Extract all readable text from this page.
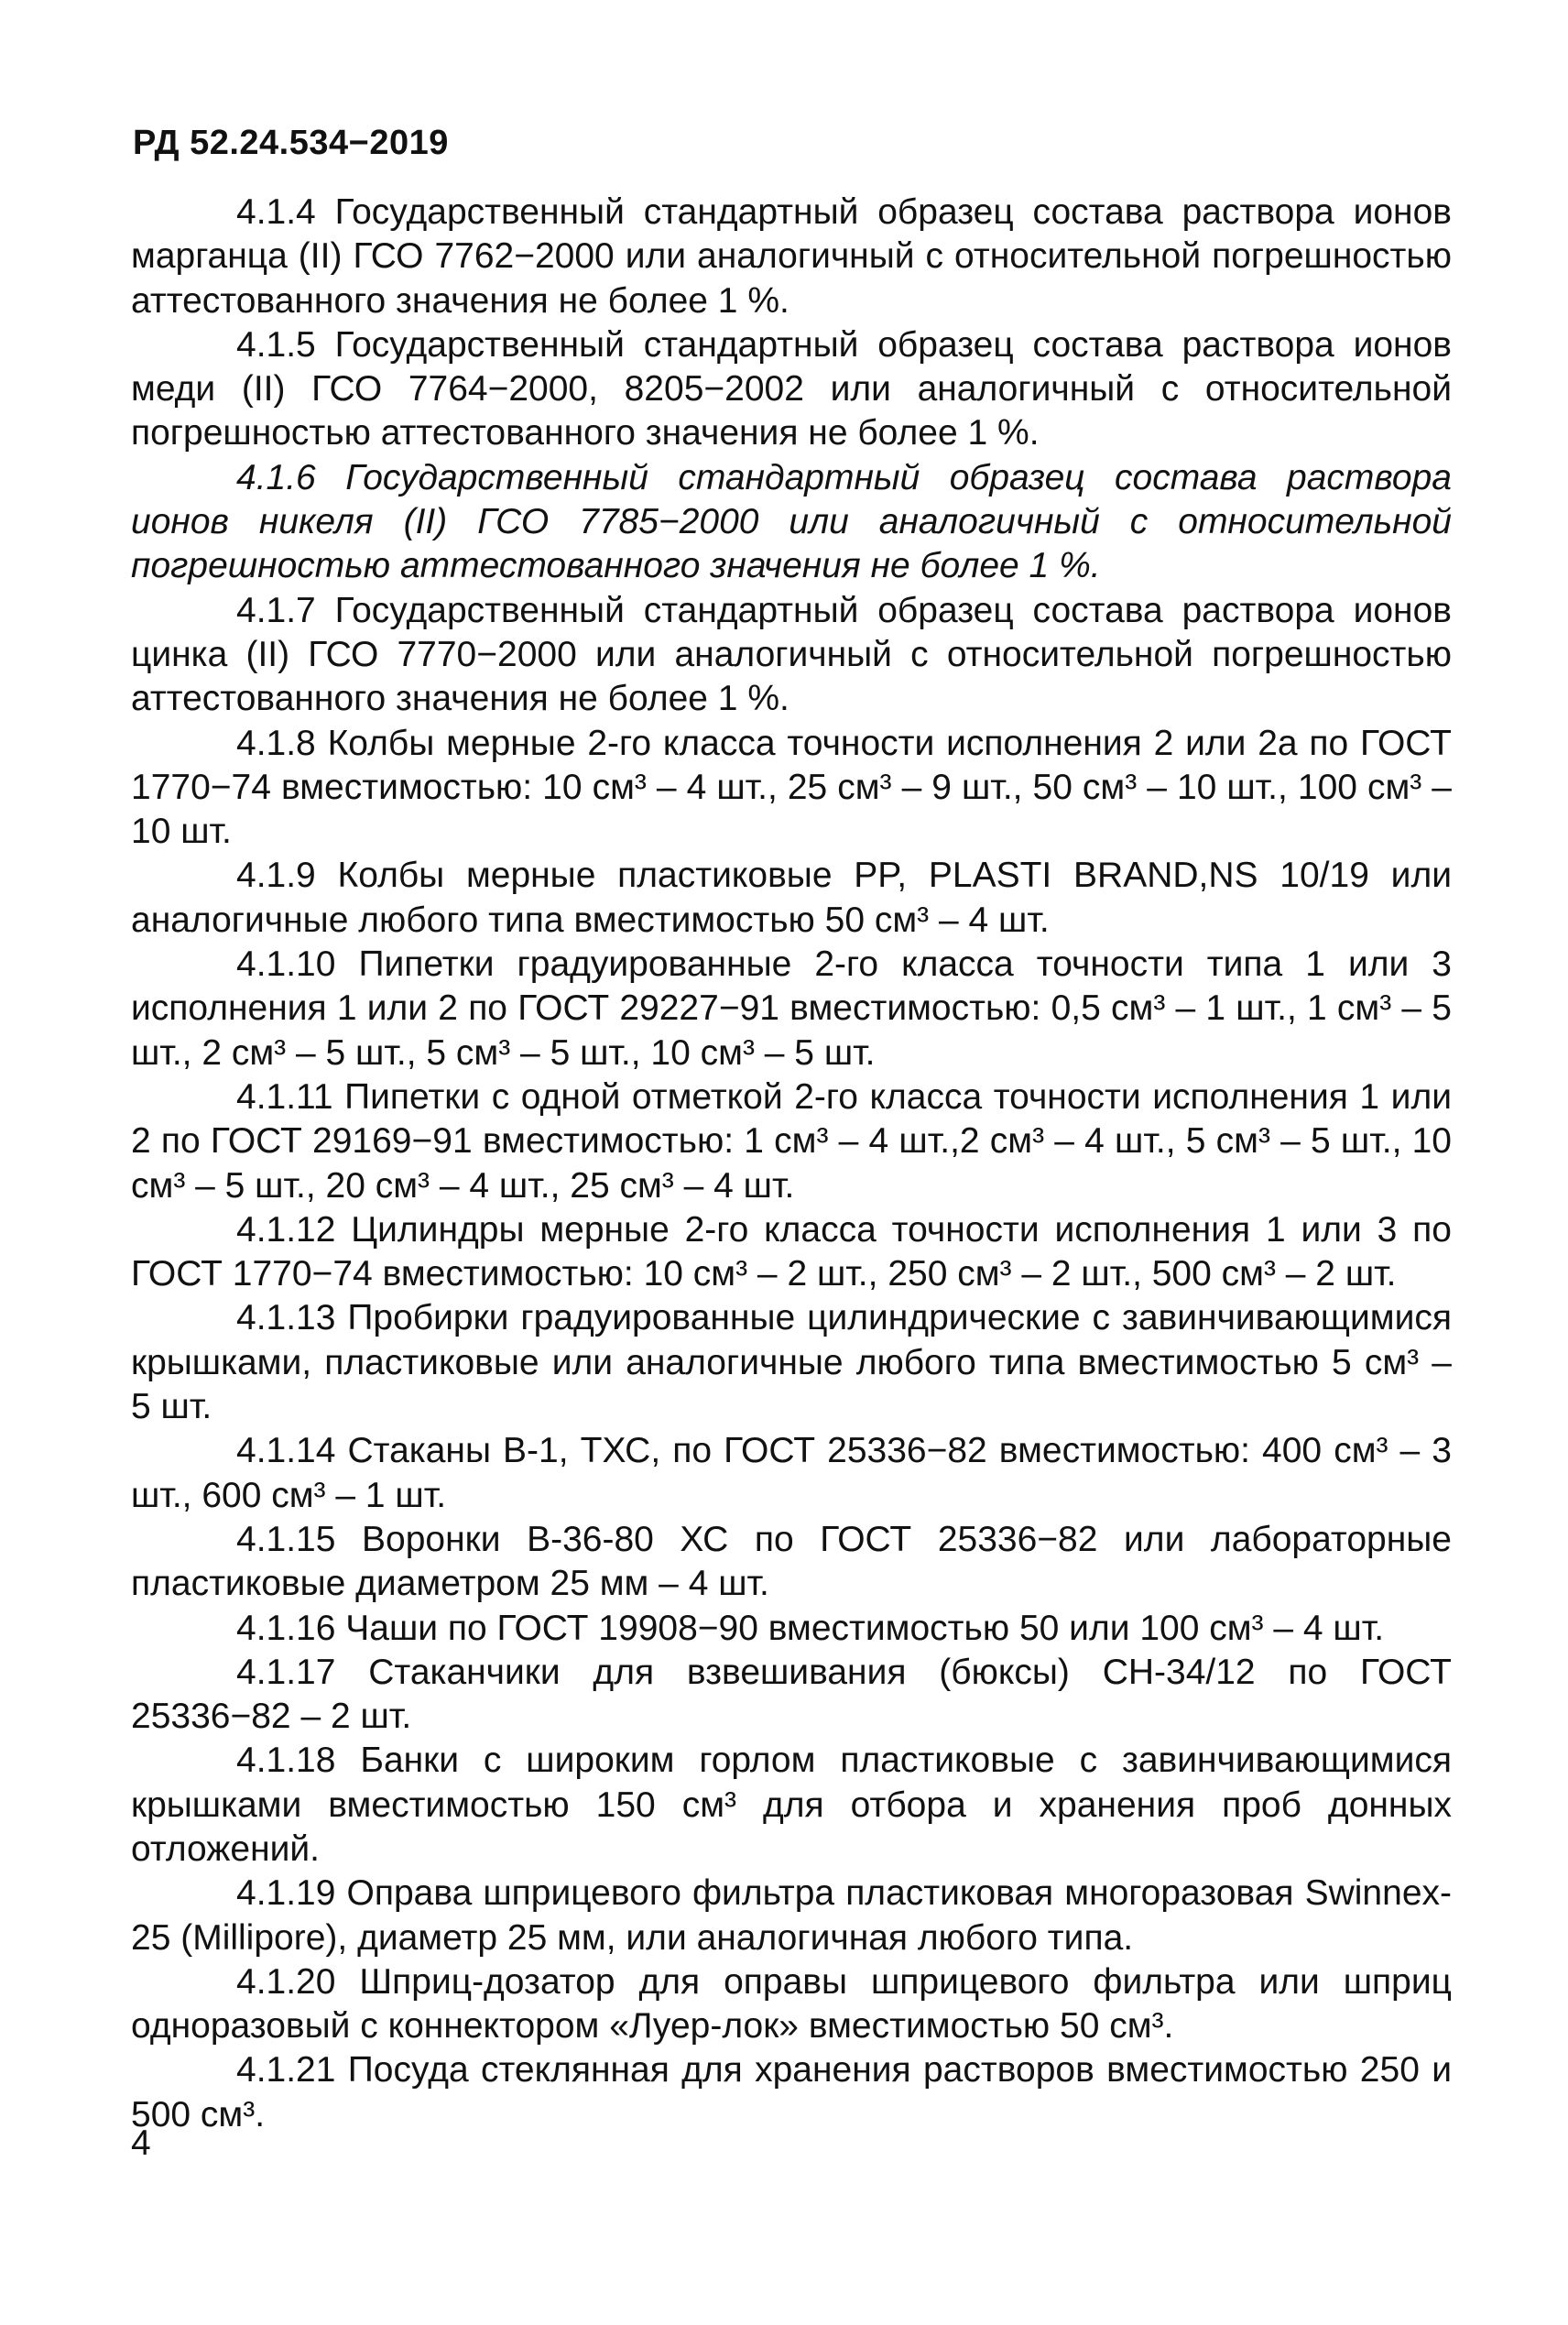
РД 52.24.534−2019

4.1.4 Государственный стандартный образец состава раствора ионов марганца (II) ГСО 7762−2000 или аналогичный с относительной погрешностью аттестованного значения не более 1 %.

4.1.5 Государственный стандартный образец состава раствора ионов меди (II) ГСО 7764−2000, 8205−2002 или аналогичный с относительной погрешностью аттестованного значения не более 1 %.

4.1.6 Государственный стандартный образец состава раствора ионов никеля (II) ГСО 7785−2000 или аналогичный с относительной погрешностью аттестованного значения не более 1 %.

4.1.7 Государственный стандартный образец состава раствора ионов цинка (II) ГСО 7770−2000 или аналогичный с относительной погрешностью аттестованного значения не более 1 %.

4.1.8 Колбы мерные 2-го класса точности исполнения 2 или 2а по ГОСТ 1770−74 вместимостью: 10 см³ – 4 шт., 25 см³ – 9 шт., 50 см³ – 10 шт., 100 см³ – 10 шт.

4.1.9 Колбы мерные пластиковые PP, PLASTI BRAND,NS 10/19 или аналогичные любого типа вместимостью 50 см³ – 4 шт.

4.1.10 Пипетки градуированные 2-го класса точности типа 1 или 3 исполнения 1 или 2 по ГОСТ 29227−91 вместимостью: 0,5 см³ – 1 шт., 1 см³ – 5 шт., 2 см³ – 5 шт., 5 см³ – 5 шт., 10 см³ – 5 шт.

4.1.11 Пипетки с одной отметкой 2-го класса точности исполнения 1 или 2 по ГОСТ 29169−91 вместимостью: 1 см³ – 4 шт.,2 см³ – 4 шт., 5 см³ – 5 шт., 10 см³ – 5 шт., 20 см³ – 4 шт., 25 см³ – 4 шт.

4.1.12 Цилиндры мерные 2-го класса точности исполнения 1 или 3 по ГОСТ 1770−74 вместимостью: 10 см³ – 2 шт., 250 см³ – 2 шт., 500 см³ – 2 шт.

4.1.13 Пробирки градуированные цилиндрические с завинчивающимися крышками, пластиковые или аналогичные любого типа вместимостью 5 см³ – 5 шт.

4.1.14 Стаканы В-1, ТХС, по ГОСТ 25336−82 вместимостью: 400 см³ – 3 шт., 600 см³ – 1 шт.

4.1.15 Воронки В-36-80 ХС по ГОСТ 25336−82 или лабораторные пластиковые диаметром 25 мм – 4 шт.

4.1.16 Чаши по ГОСТ 19908−90 вместимостью 50 или 100 см³ – 4 шт.

4.1.17 Стаканчики для взвешивания (бюксы) СН-34/12 по ГОСТ 25336−82 – 2 шт.

4.1.18 Банки с широким горлом пластиковые с завинчивающимися крышками вместимостью 150 см³ для отбора и хранения проб донных отложений.

4.1.19 Оправа шприцевого фильтра пластиковая многоразовая Swinnex-25 (Millipore), диаметр 25 мм, или аналогичная любого типа.

4.1.20 Шприц-дозатор для оправы шприцевого фильтра или шприц одноразовый с коннектором «Луер-лок» вместимостью 50 см³.

4.1.21 Посуда стеклянная для хранения растворов вместимостью 250 и 500 см³.

4
